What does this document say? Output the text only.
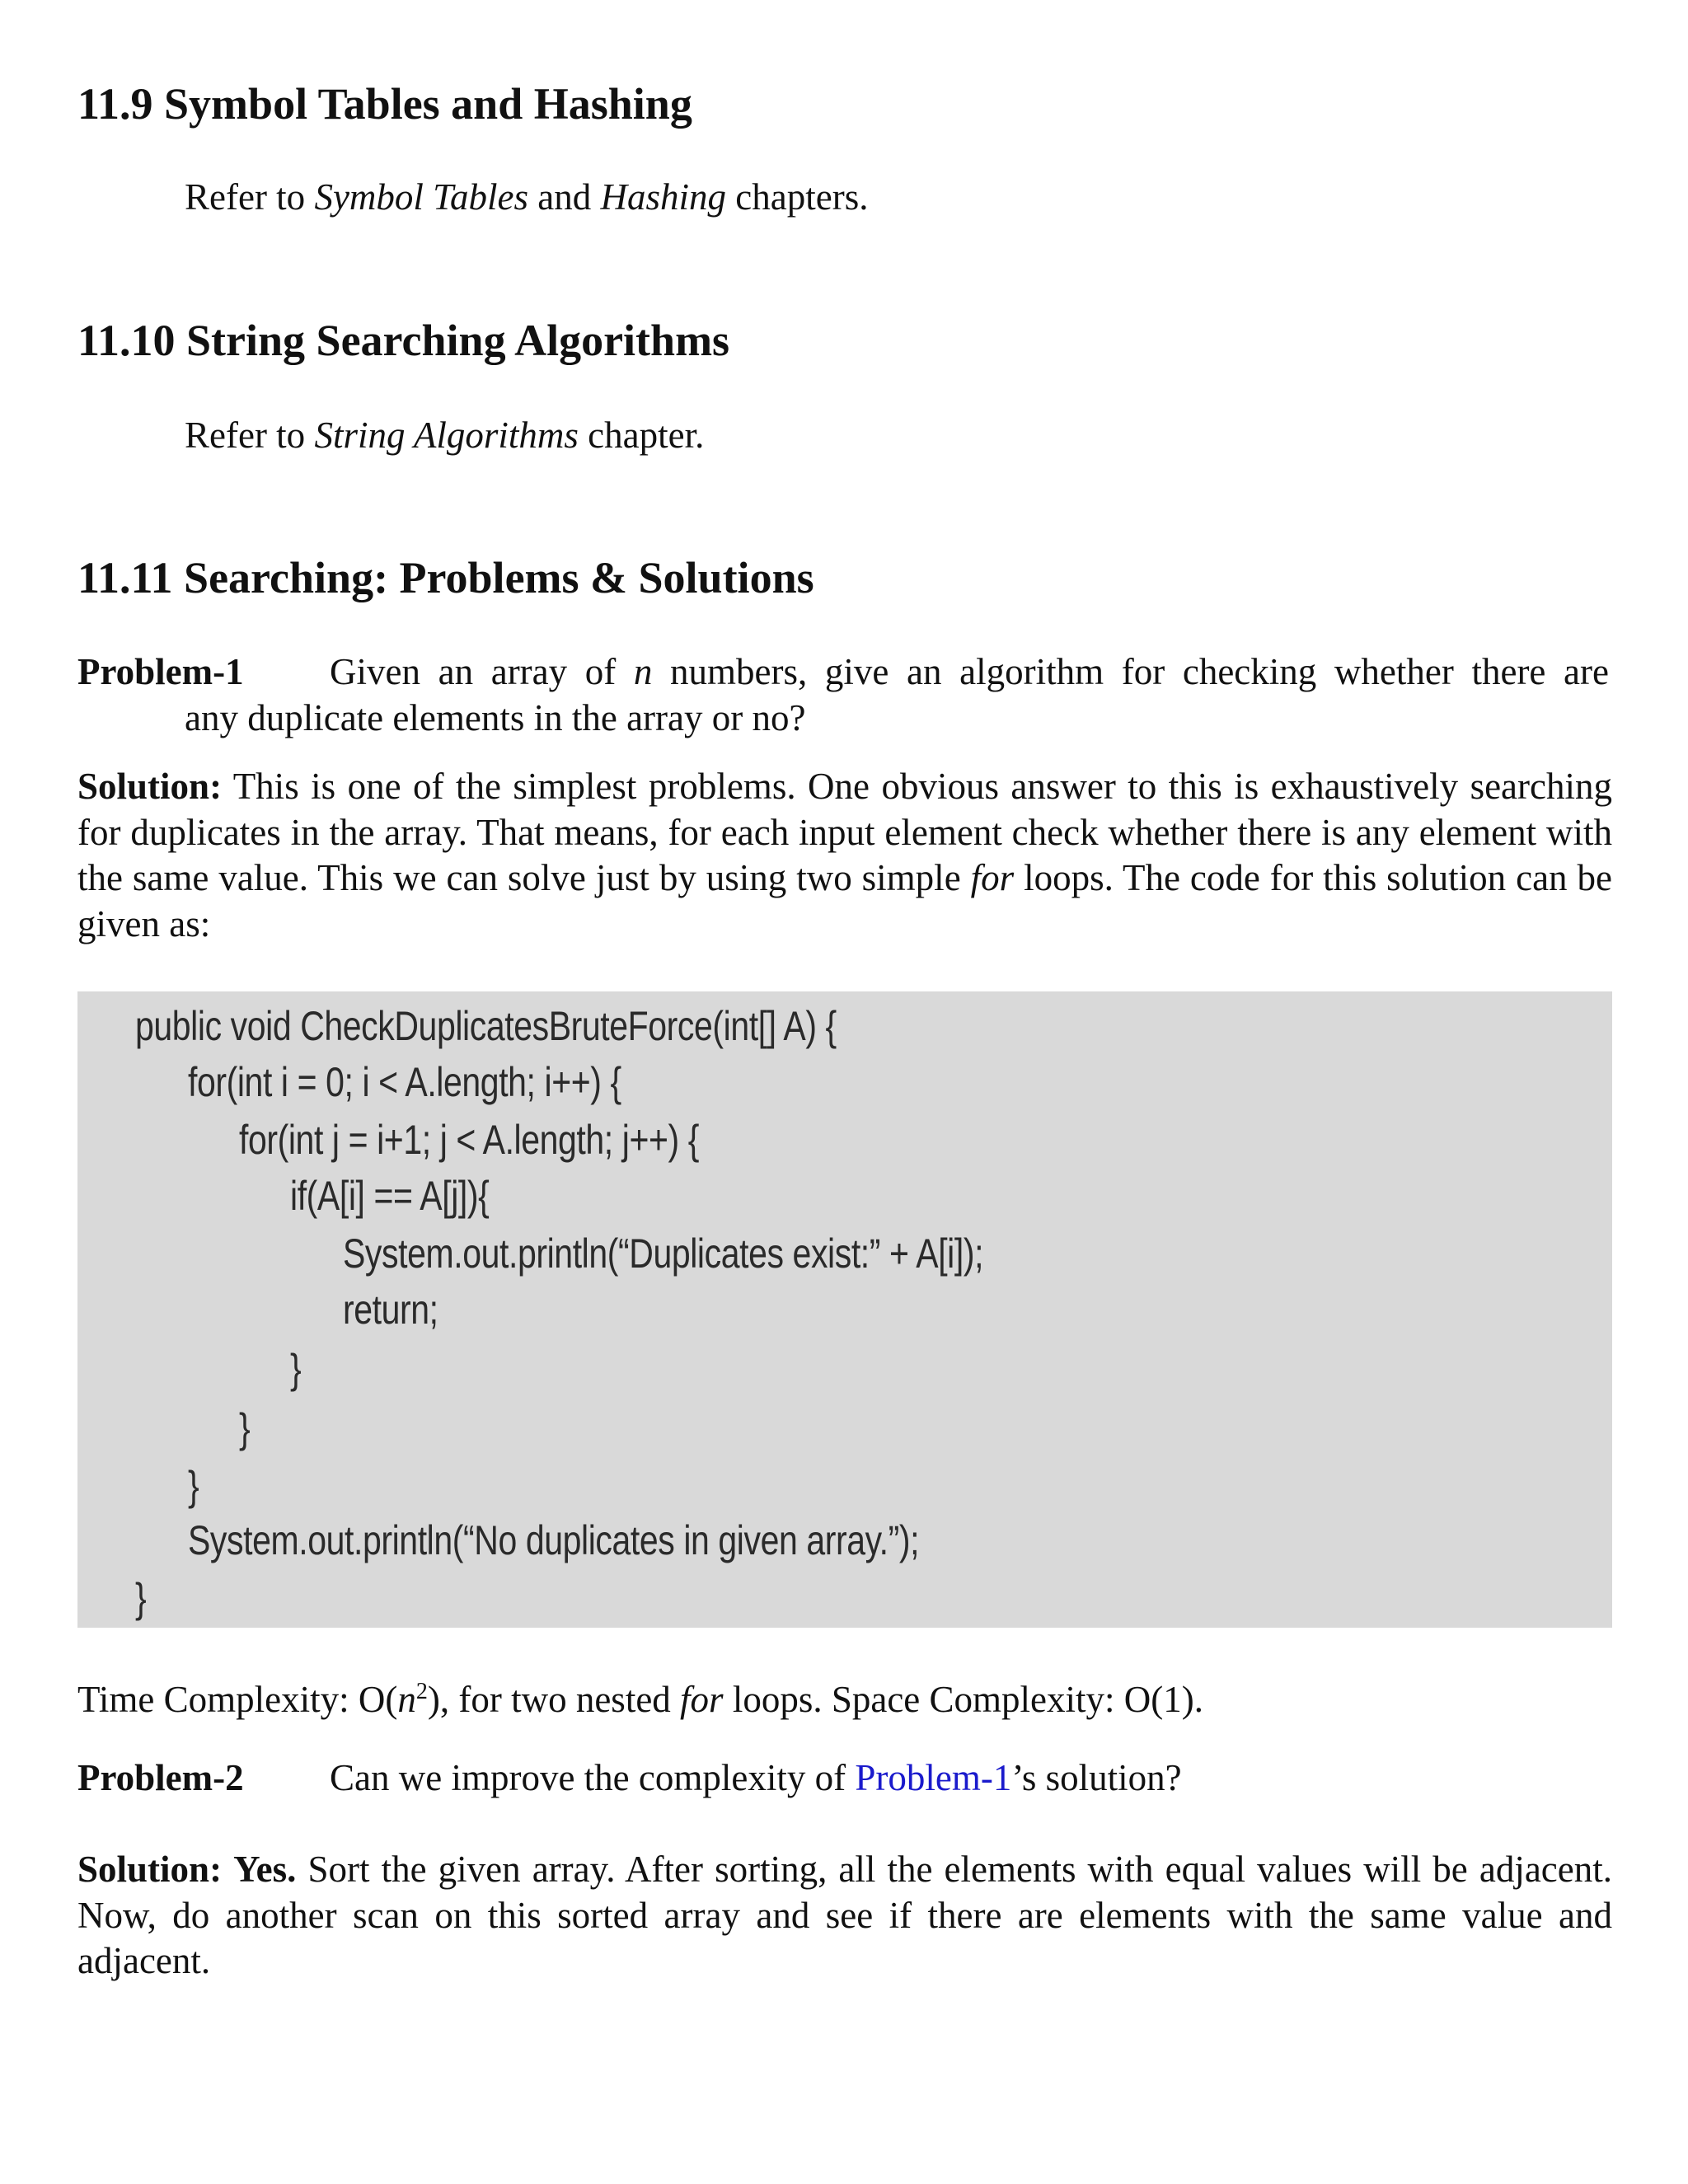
11.9 Symbol Tables and Hashing

Refer to Symbol Tables and Hashing chapters.

11.10 String Searching Algorithms

Refer to String Algorithms chapter.

11.11 Searching: Problems & Solutions
Problem-1 Given an array of n numbers, give an algorithm for checking whether there are
any duplicate elements in the array or no?

Solution: This is one of the simplest problems. One obvious answer to this is exhaustively searching for duplicates in the array. That means, for each input element check whether there is any element with the same value. This we can solve just by using two simple for loops. The code for this solution can be given as:

public void CheckDuplicatesBruteForce(int[] A) {
for(int i = 0; i < A.length; i++) {
for(int j = i+1; j < A.length; j++) {
if(A[i] == A[j]){
System.out.println(“Duplicates exist:” + A[i]);
return;
}
}
}
System.out.println(“No duplicates in given array.”);
}

Time Complexity: $O(n^2)$, for two nested for loops. Space Complexity: O(1).

Problem-2 Can we improve the complexity of Problem-1’s solution?

Solution: Yes. Sort the given array. After sorting, all the elements with equal values will be adjacent. Now, do another scan on this sorted array and see if there are elements with the same value and adjacent.
